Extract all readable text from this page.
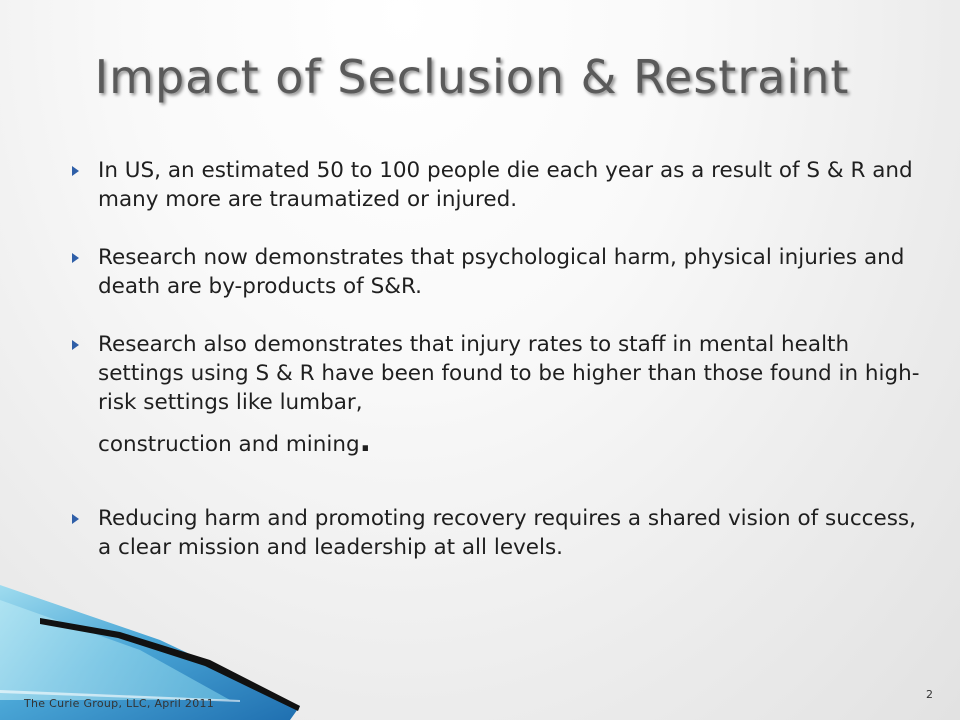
Impact of Seclusion & Restraint
In US, an estimated 50 to 100 people die each year as a result of S & R and many more are traumatized or injured.
Research now demonstrates that psychological harm, physical injuries and death are by-products of S&R.
Research also demonstrates that injury rates to staff in mental health settings using S & R have been found to be higher than those found in high-risk settings like lumbar,
construction and mining.
Reducing harm and promoting recovery requires a shared vision of success, a clear mission and leadership at all levels.
The Curie Group, LLC, April 2011
2
